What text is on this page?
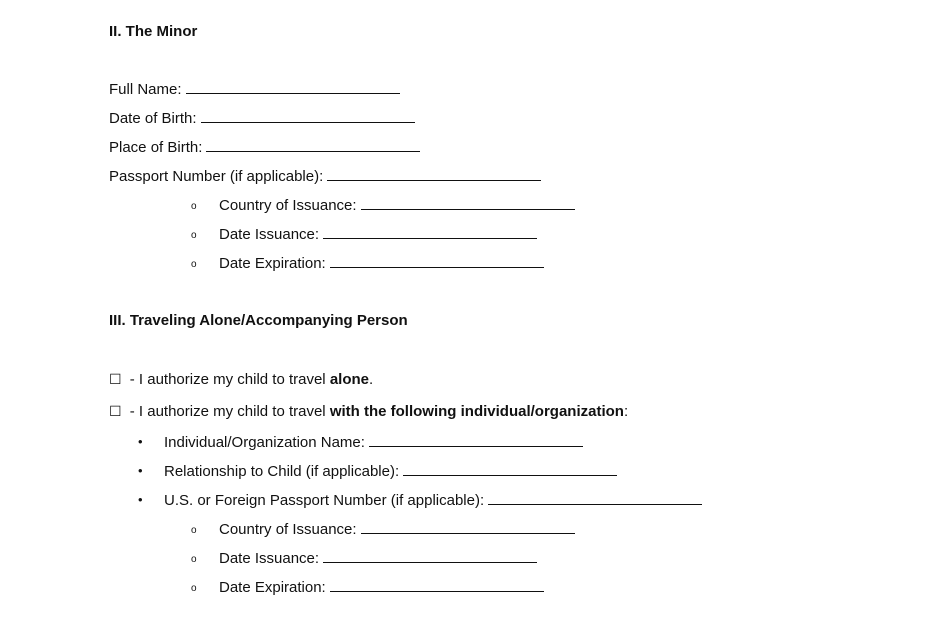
II. The Minor
Full Name:
Date of Birth:
Place of Birth:
Passport Number (if applicable):
o Country of Issuance:
o Date Issuance:
o Date Expiration:
III. Traveling Alone/Accompanying Person
☐ - I authorize my child to travel alone.
☐ - I authorize my child to travel with the following individual/organization:
• Individual/Organization Name:
• Relationship to Child (if applicable):
• U.S. or Foreign Passport Number (if applicable):
o Country of Issuance:
o Date Issuance:
o Date Expiration:
